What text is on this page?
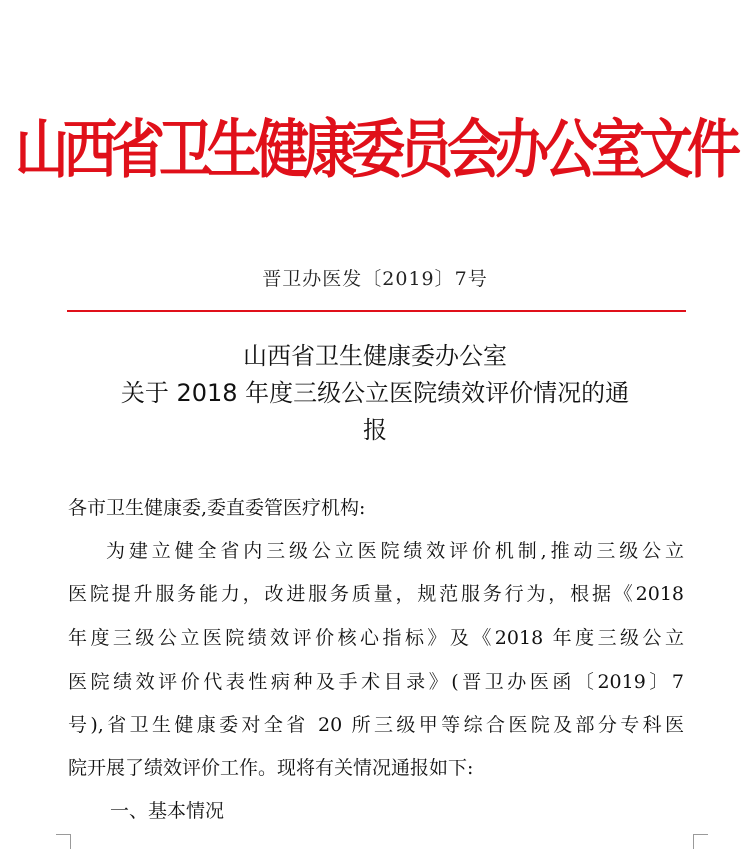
山西省卫生健康委员会办公室文件
晋卫办医发〔2019〕7号
山西省卫生健康委办公室
关于 2018 年度三级公立医院绩效评价情况的通
报
各市卫生健康委,委直委管医疗机构:
为建立健全省内三级公立医院绩效评价机制,推动三级公立
医院提升服务能力，改进服务质量，规范服务行为，根据《2018
年度三级公立医院绩效评价核心指标》及《2018 年度三级公立
医院绩效评价代表性病种及手术目录》(晋卫办医函〔2019〕7
号),省卫生健康委对全省 20 所三级甲等综合医院及部分专科医
院开展了绩效评价工作。现将有关情况通报如下:
一、基本情况
